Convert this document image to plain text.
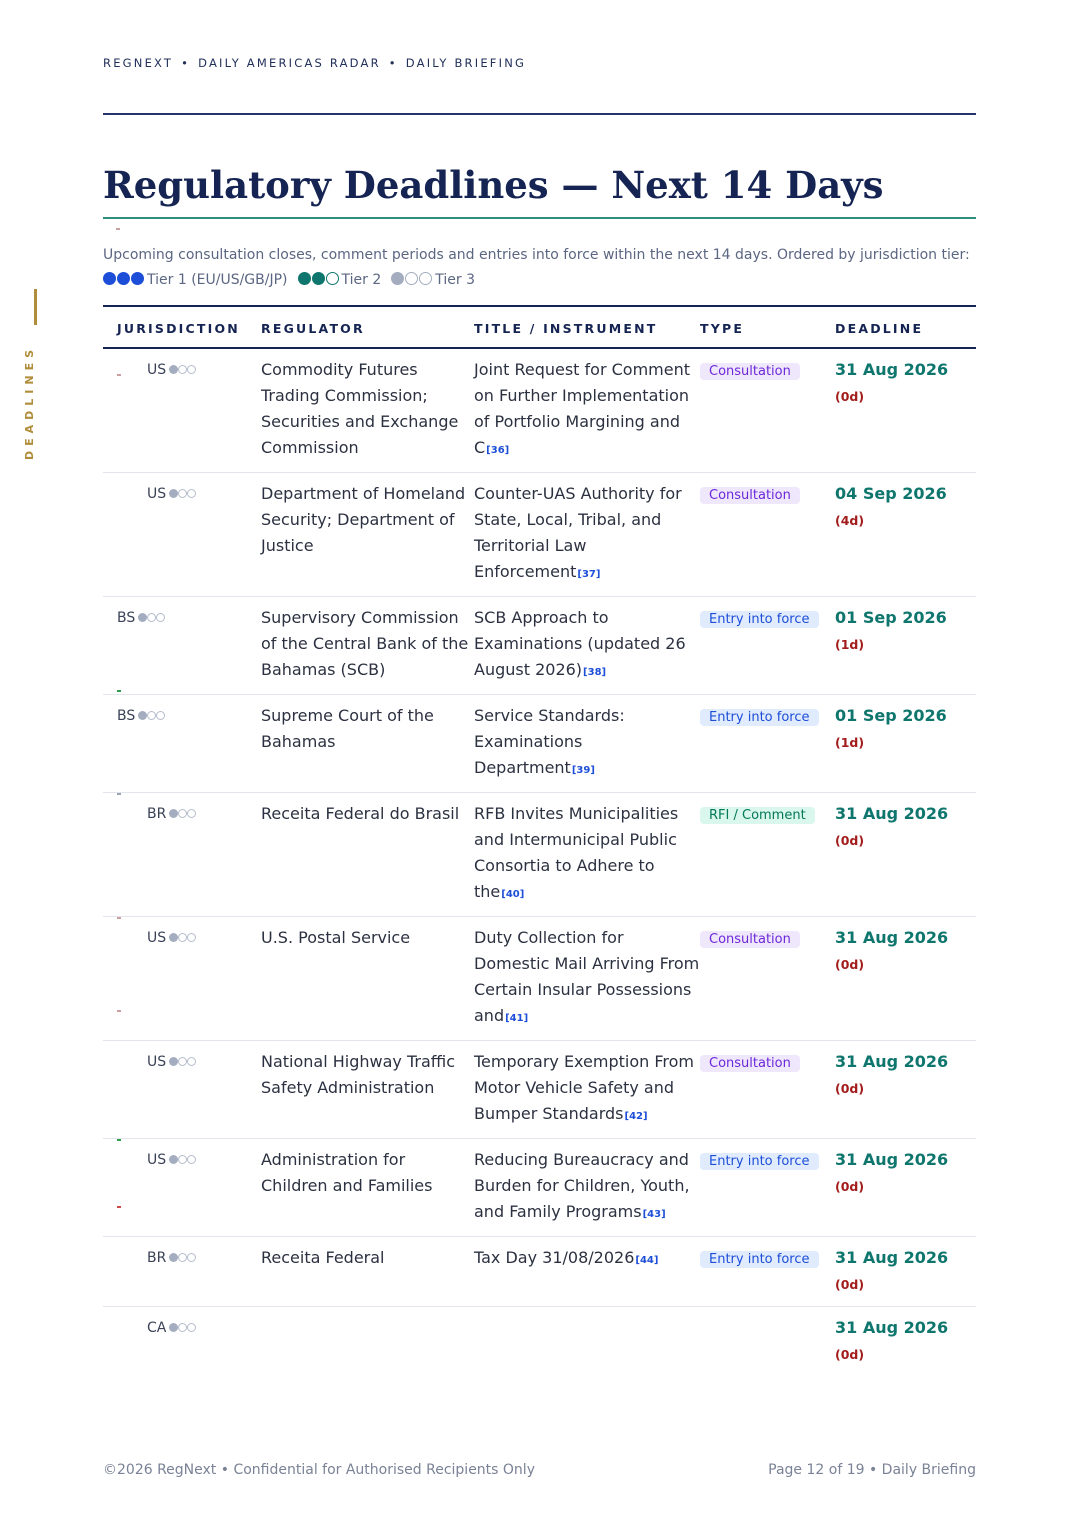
REGNEXT • DAILY AMERICAS RADAR • DAILY BRIEFING
DEADLINES
Regulatory Deadlines — Next 14 Days
Upcoming consultation closes, comment periods and entries into force within the next 14 days. Ordered by jurisdiction tier:
Tier 1 (EU/US/GB/JP)	Tier 2	Tier 3
JURISDICTION	REGULATOR	TITLE / INSTRUMENT	TYPE	DEADLINE

US	Commodity Futures Trading Commission; Securities and Exchange Commission	Joint Request for Comment on Further Implementation of Portfolio Margining and C[36]	Consultation	31 Aug 2026 (0d)
US	Department of Homeland Security; Department of Justice	Counter-UAS Authority for State, Local, Tribal, and Territorial Law Enforcement[37]	Consultation	04 Sep 2026 (4d)

BS	Supervisory Commission of the Central Bank of the Bahamas (SCB)	SCB Approach to Examinations (updated 26 August 2026)[38]	Entry into force	01 Sep 2026 (1d)
BS	Supreme Court of the Bahamas	Service Standards: Examinations Department[39]	Entry into force	01 Sep 2026 (1d)

BR	Receita Federal do Brasil	RFB Invites Municipalities and Intermunicipal Public Consortia to Adhere to the[40]	RFI / Comment	31 Aug 2026 (0d)

US	U.S. Postal Service	Duty Collection for Domestic Mail Arriving From Certain Insular Possessions and[41]	Consultation	31 Aug 2026 (0d)
US	National Highway Traffic Safety Administration	Temporary Exemption From Motor Vehicle Safety and Bumper Standards[42]	Consultation	31 Aug 2026 (0d)

US	Administration for Children and Families	Reducing Bureaucracy and Burden for Children, Youth, and Family Programs[43]	Entry into force	31 Aug 2026 (0d)
BR	Receita Federal	Tax Day 31/08/2026[44]	Entry into force	31 Aug 2026 (0d)
CA				31 Aug 2026 (0d)
©2026 RegNext • Confidential for Authorised Recipients Only	Page 12 of 19 • Daily Briefing
